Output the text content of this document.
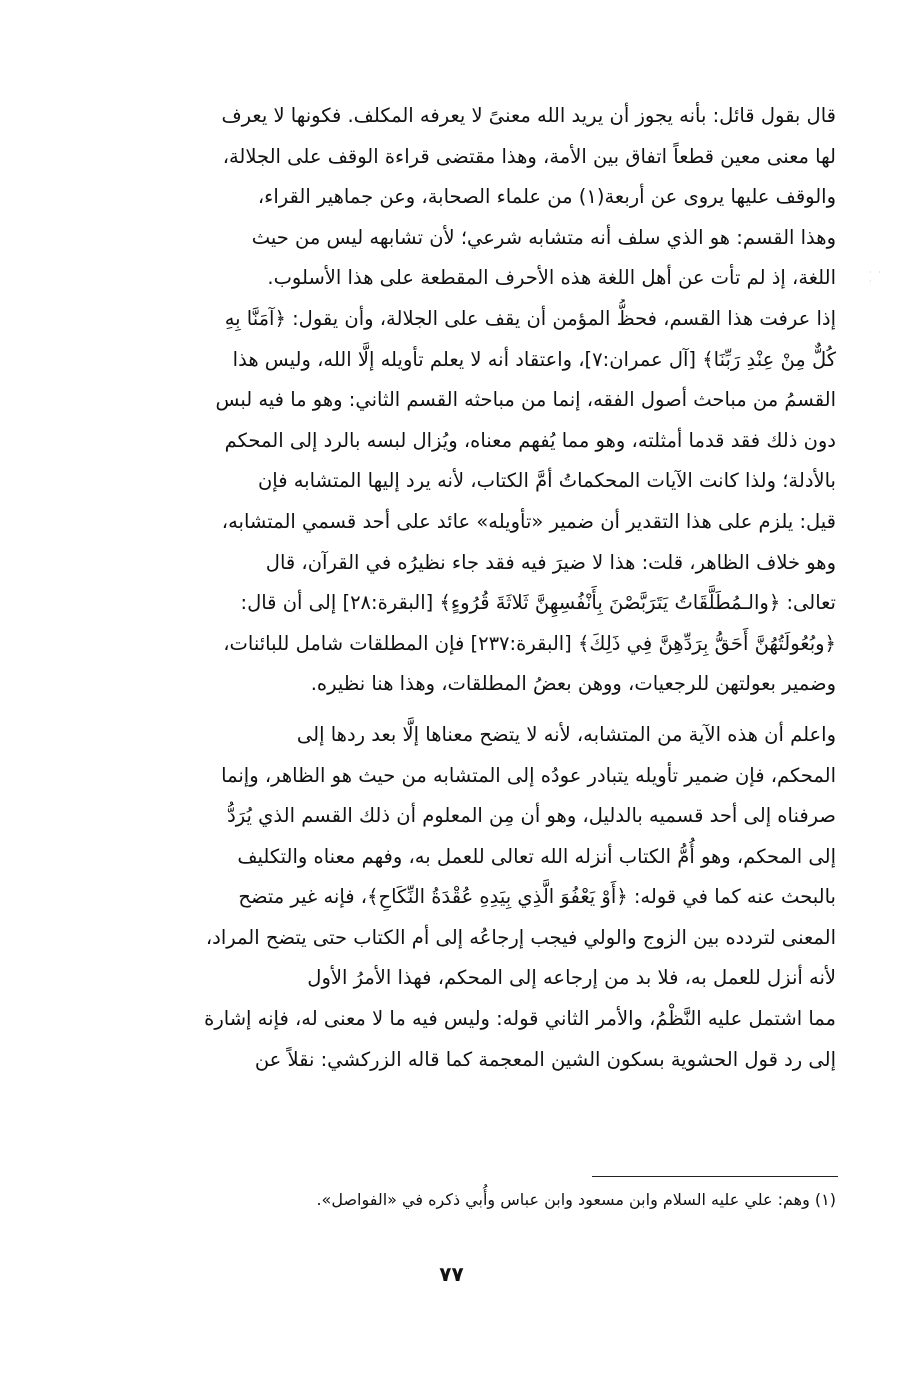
· · ·

قال بقول قائل: بأنه يجوز أن يريد الله معنىً لا يعرفه المكلف. فكونها لا يعرف
لها معنى معين قطعاً اتفاق بين الأمة، وهذا مقتضى قراءة الوقف على الجلالة،
والوقف عليها يروى عن أربعة(١) من علماء الصحابة، وعن جماهير القراء،
وهذا القسم: هو الذي سلف أنه متشابه شرعي؛ لأن تشابهه ليس من حيث
اللغة، إذ لم تأت عن أهل اللغة هذه الأحرف المقطعة على هذا الأسلوب.
إذا عرفت هذا القسم، فحظُّ المؤمن أن يقف على الجلالة، وأن يقول: ﴿آمَنَّا بِهِ
كُلٌّ مِنْ عِنْدِ رَبِّنَا﴾ [آل عمران:٧]، واعتقاد أنه لا يعلم تأويله إلَّا الله، وليس هذا
القسمُ من مباحث أصول الفقه، إنما من مباحثه القسم الثاني: وهو ما فيه لبس
دون ذلك فقد قدما أمثلته، وهو مما يُفهم معناه، ويُزال لبسه بالرد إلى المحكم
بالأدلة؛ ولذا كانت الآيات المحكماتُ أمَّ الكتاب، لأنه يرد إليها المتشابه فإن
قيل: يلزم على هذا التقدير أن ضمير «تأويله» عائد على أحد قسمي المتشابه،
وهو خلاف الظاهر، قلت: هذا لا ضيرَ فيه فقد جاء نظيرُه في القرآن، قال
تعالى: ﴿والـمُطَلَّقَاتُ يَتَرَبَّصْنَ بِأَنْفُسِهِنَّ ثَلاثَةَ قُرُوءٍ﴾ [البقرة:٢٨] إلى أن قال:
﴿وبُعُولَتُهُنَّ أَحَقُّ بِرَدِّهِنَّ فِي ذَلِكَ﴾ [البقرة:٢٣٧] فإن المطلقات شامل للبائنات،
وضمير بعولتهن للرجعيات، ووهن بعضُ المطلقات، وهذا هنا نظيره.

واعلم أن هذه الآية من المتشابه، لأنه لا يتضح معناها إلَّا بعد ردها إلى
المحكم، فإن ضمير تأويله يتبادر عودُه إلى المتشابه من حيث هو الظاهر، وإنما
صرفناه إلى أحد قسميه بالدليل، وهو أن مِن المعلوم أن ذلك القسم الذي يُرَدُّ
إلى المحكم، وهو أُمُّ الكتاب أنزله الله تعالى للعمل به، وفهم معناه والتكليف
بالبحث عنه كما في قوله: ﴿أَوْ يَعْفُوَ الَّذِي بِيَدِهِ عُقْدَةُ النِّكَاحِ﴾، فإنه غير متضح
المعنى لتردده بين الزوج والولي فيجب إرجاعُه إلى أم الكتاب حتى يتضح المراد،
لأنه أنزل للعمل به، فلا بد من إرجاعه إلى المحكم، فهذا الأمرُ الأول
مما اشتمل عليه النَّظْمُ، والأمر الثاني قوله: وليس فيه ما لا معنى له، فإنه إشارة
إلى رد قول الحشوية بسكون الشين المعجمة كما قاله الزركشي: نقلاً عن

(١) وهم: علي عليه السلام وابن مسعود وابن عباس وأُبي ذكره في «الفواصل».
٧٧
